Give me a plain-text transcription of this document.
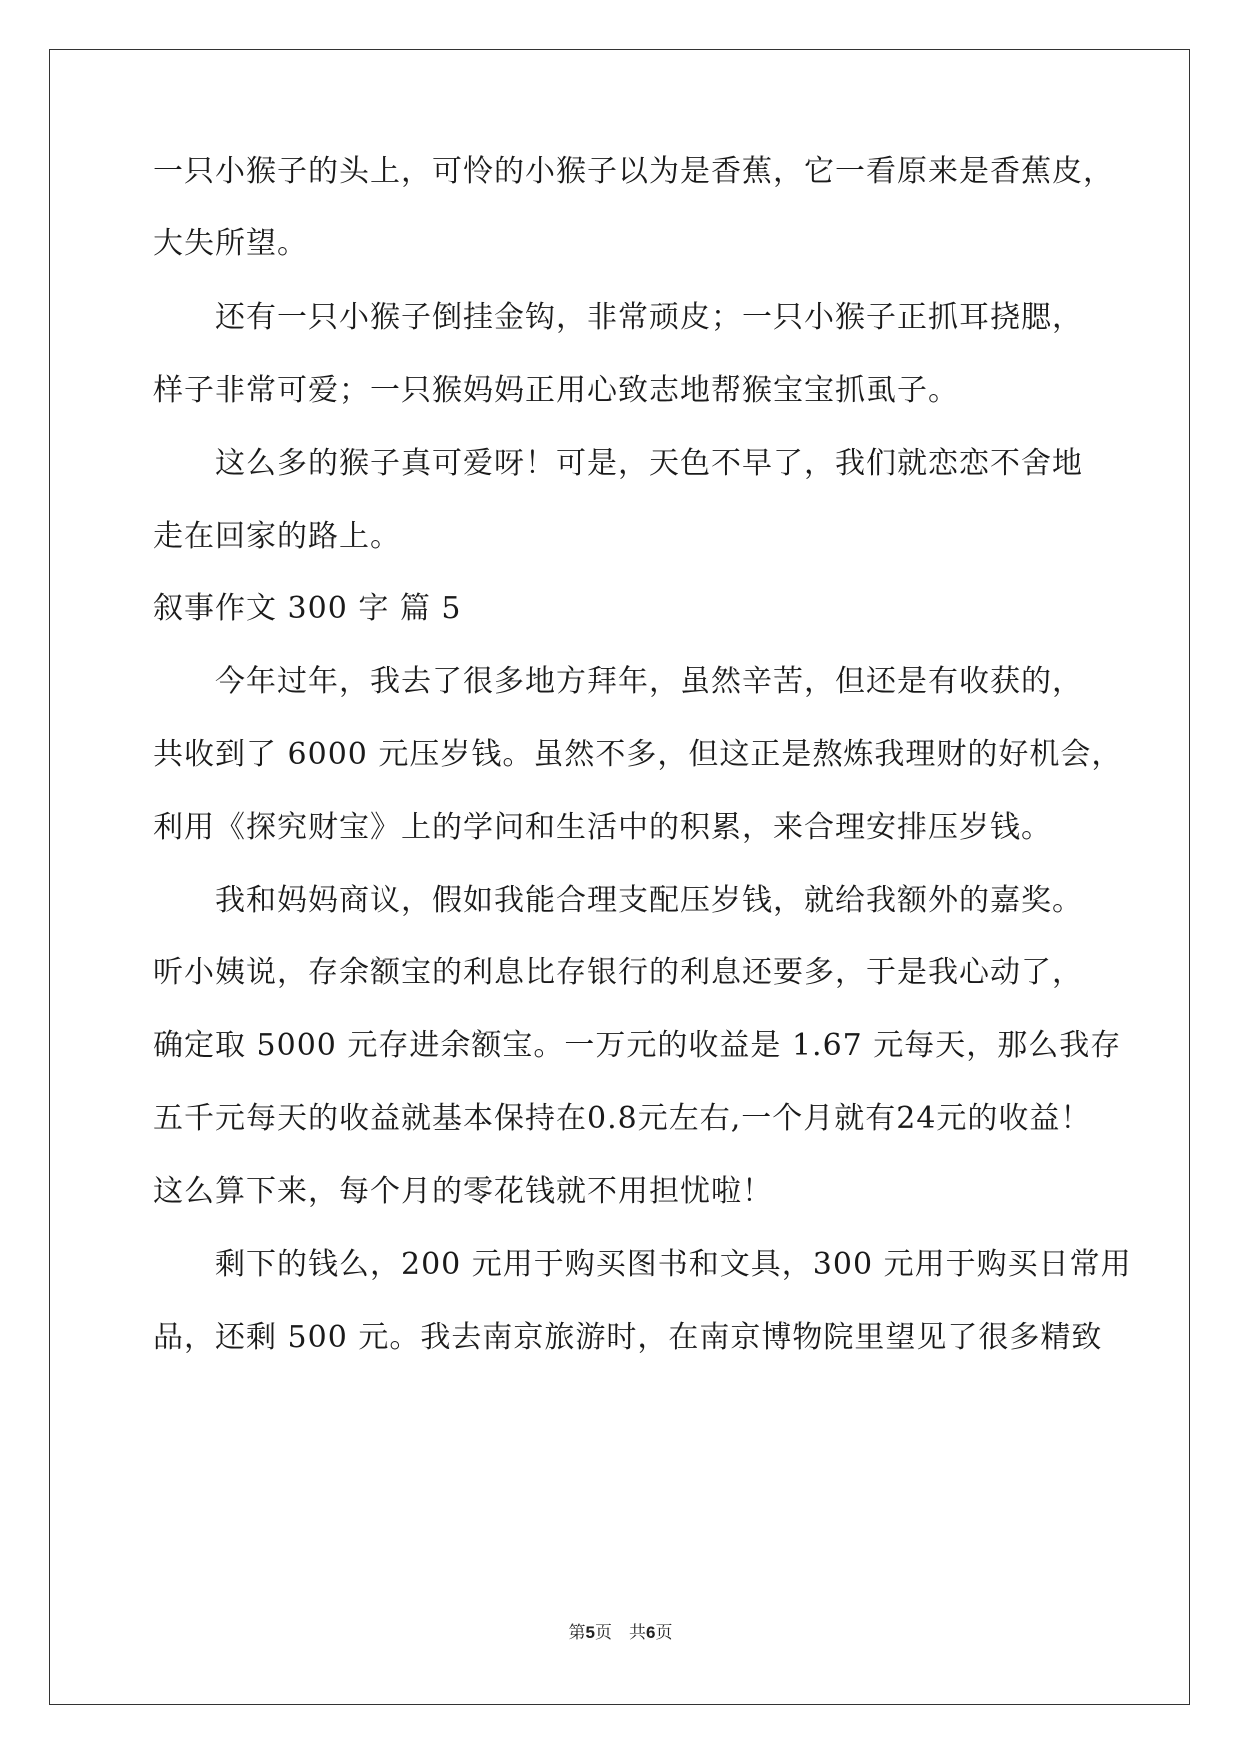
一只小猴子的头上，可怜的小猴子以为是香蕉，它一看原来是香蕉皮，
大失所望。
还有一只小猴子倒挂金钩，非常顽皮；一只小猴子正抓耳挠腮，
样子非常可爱；一只猴妈妈正用心致志地帮猴宝宝抓虱子。
这么多的猴子真可爱呀！可是，天色不早了，我们就恋恋不舍地
走在回家的路上。
叙事作文 300 字 篇 5
今年过年，我去了很多地方拜年，虽然辛苦，但还是有收获的，
共收到了 6000 元压岁钱。虽然不多，但这正是熬炼我理财的好机会，
利用《探究财宝》上的学问和生活中的积累，来合理安排压岁钱。
我和妈妈商议，假如我能合理支配压岁钱，就给我额外的嘉奖。
听小姨说，存余额宝的利息比存银行的利息还要多，于是我心动了，
确定取 5000 元存进余额宝。一万元的收益是 1.67 元每天，那么我存
五千元每天的收益就基本保持在0.8元左右,一个月就有24元的收益！
这么算下来，每个月的零花钱就不用担忧啦！
剩下的钱么，200 元用于购买图书和文具，300 元用于购买日常用
品，还剩 500 元。我去南京旅游时，在南京博物院里望见了很多精致
第5页　共6页
